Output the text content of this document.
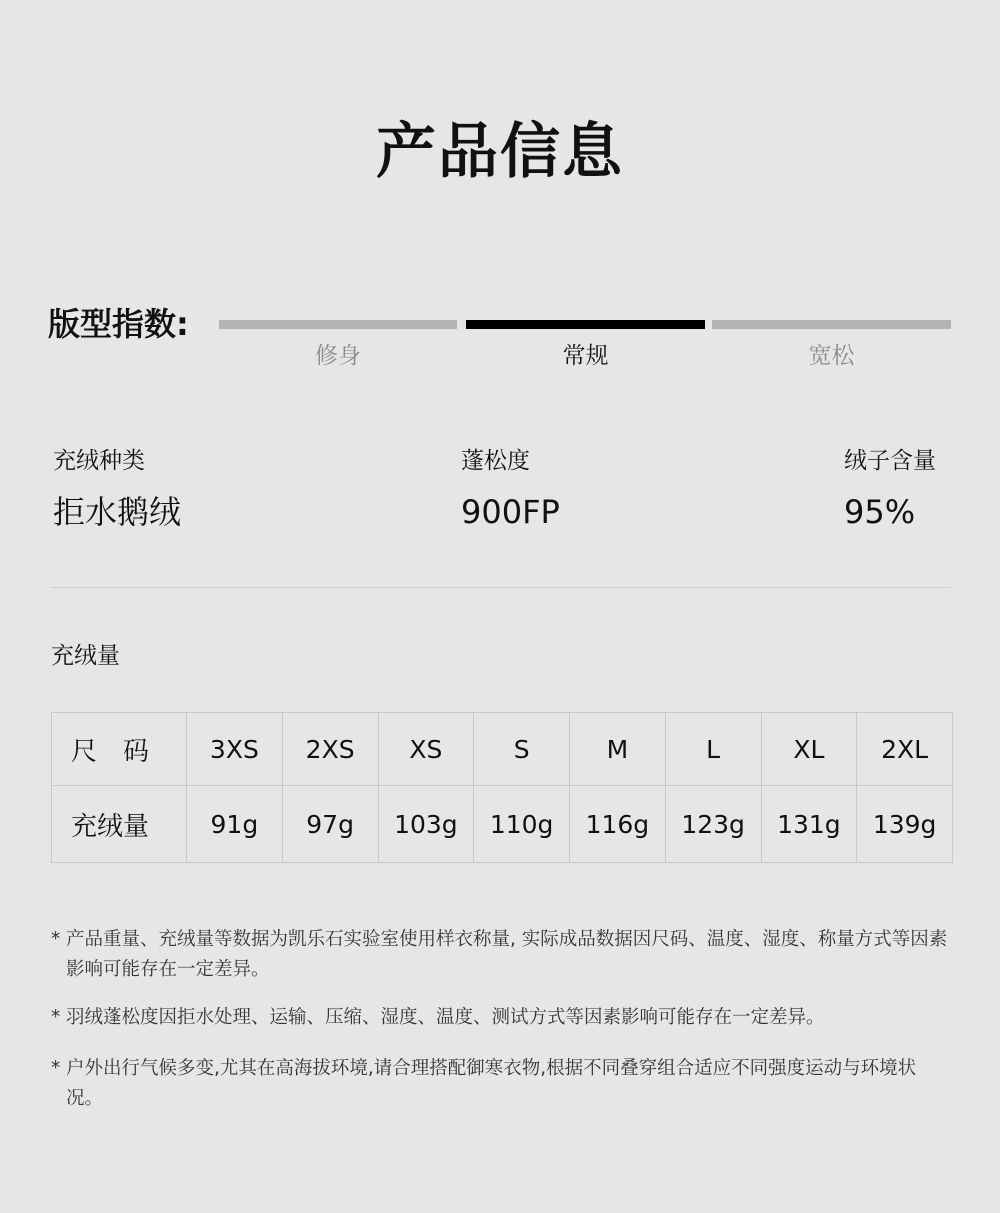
产品信息
版型指数:
修身	常规	宽松
充绒种类
拒水鹅绒
蓬松度
900FP
绒子含量
95%
充绒量
尺　码	3XS	2XS	XS	S	M	L	XL	2XL
充绒量	91g	97g	103g	110g	116g	123g	131g	139g
* 产品重量、充绒量等数据为凯乐石实验室使用样衣称量, 实际成品数据因尺码、温度、湿度、称量方式等因素影响可能存在一定差异。
* 羽绒蓬松度因拒水处理、运输、压缩、湿度、温度、测试方式等因素影响可能存在一定差异。
* 户外出行气候多变,尤其在高海拔环境,请合理搭配御寒衣物,根据不同叠穿组合适应不同强度运动与环境状况。
